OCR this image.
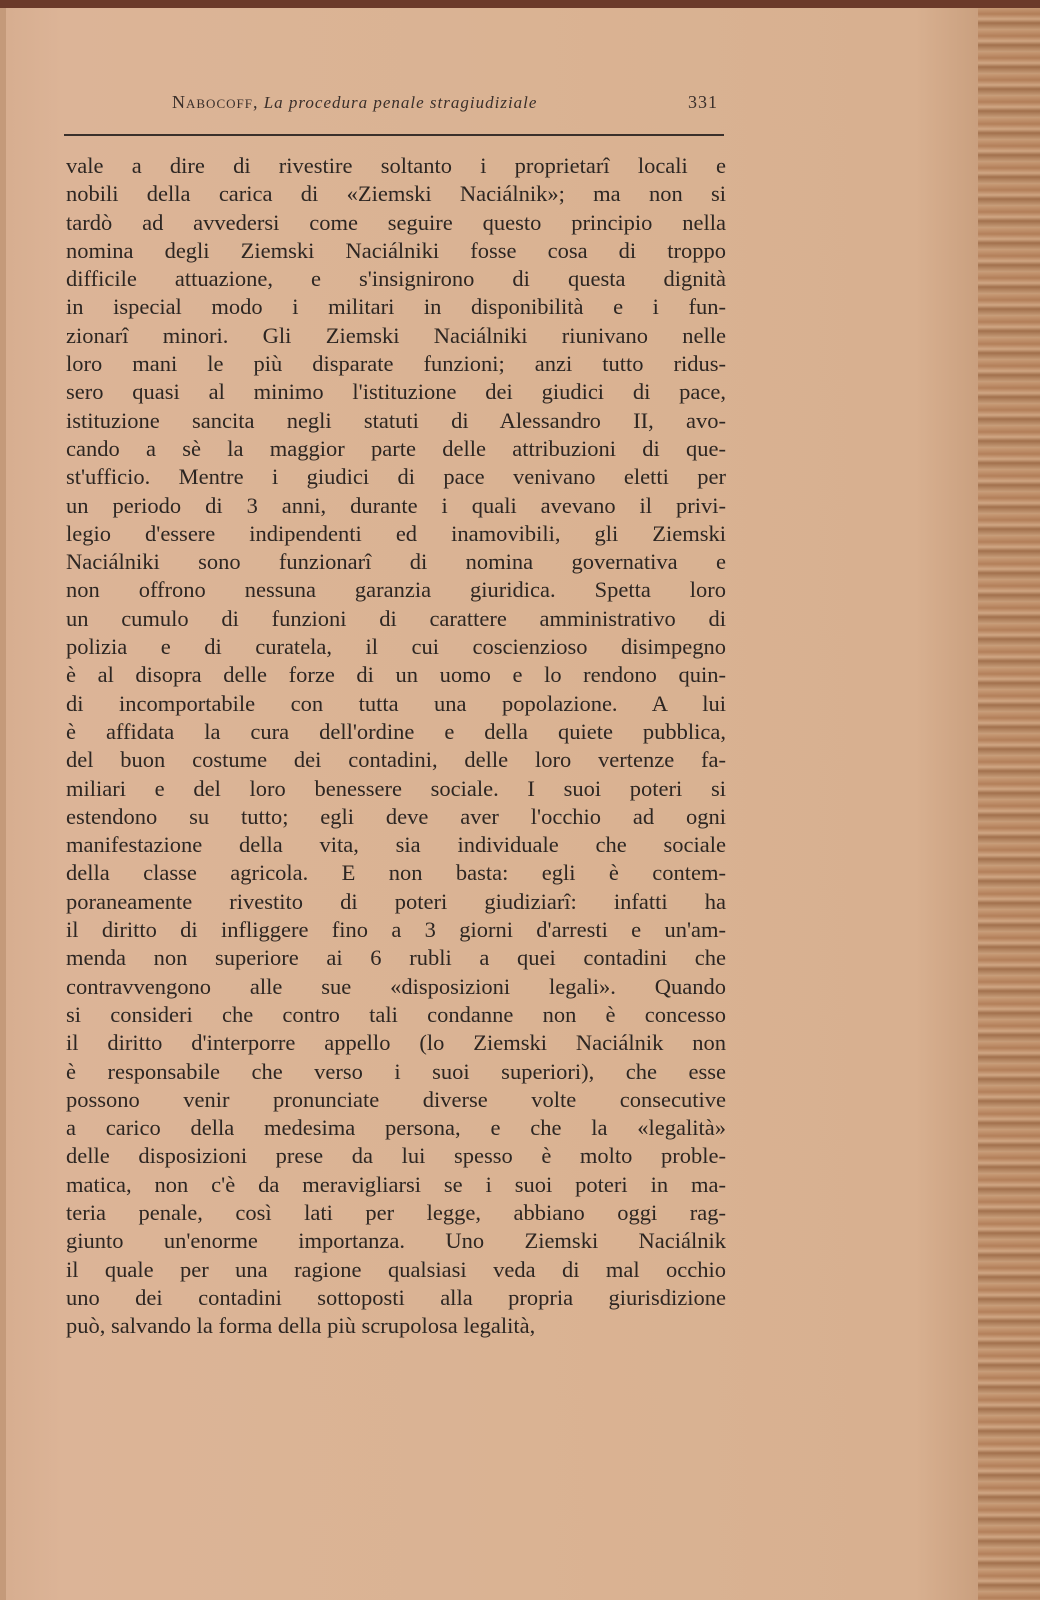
Nabocoff, La procedura penale stragiudiziale	331
vale a dire di rivestire soltanto i proprietarî locali e
nobili della carica di «Ziemski Naciálnik»; ma non si
tardò ad avvedersi come seguire questo principio nella
nomina degli Ziemski Naciálniki fosse cosa di troppo
difficile attuazione, e s'insignirono di questa dignità
in ispecial modo i militari in disponibilità e i fun-
zionarî minori. Gli Ziemski Naciálniki riunivano nelle
loro mani le più disparate funzioni; anzi tutto ridus-
sero quasi al minimo l'istituzione dei giudici di pace,
istituzione sancita negli statuti di Alessandro II, avo-
cando a sè la maggior parte delle attribuzioni di que-
st'ufficio. Mentre i giudici di pace venivano eletti per
un periodo di 3 anni, durante i quali avevano il privi-
legio d'essere indipendenti ed inamovibili, gli Ziemski
Naciálniki sono funzionarî di nomina governativa e
non offrono nessuna garanzia giuridica. Spetta loro
un cumulo di funzioni di carattere amministrativo di
polizia e di curatela, il cui coscienzioso disimpegno
è al disopra delle forze di un uomo e lo rendono quin-
di incomportabile con tutta una popolazione. A lui
è affidata la cura dell'ordine e della quiete pubblica,
del buon costume dei contadini, delle loro vertenze fa-
miliari e del loro benessere sociale. I suoi poteri si
estendono su tutto; egli deve aver l'occhio ad ogni
manifestazione della vita, sia individuale che sociale
della classe agricola. E non basta: egli è contem-
poraneamente rivestito di poteri giudiziarî: infatti ha
il diritto di infliggere fino a 3 giorni d'arresti e un'am-
menda non superiore ai 6 rubli a quei contadini che
contravvengono alle sue «disposizioni legali». Quando
si consideri che contro tali condanne non è concesso
il diritto d'interporre appello (lo Ziemski Naciálnik non
è responsabile che verso i suoi superiori), che esse
possono venir pronunciate diverse volte consecutive
a carico della medesima persona, e che la «legalità»
delle disposizioni prese da lui spesso è molto proble-
matica, non c'è da meravigliarsi se i suoi poteri in ma-
teria penale, così lati per legge, abbiano oggi rag-
giunto un'enorme importanza. Uno Ziemski Naciálnik
il quale per una ragione qualsiasi veda di mal occhio
uno dei contadini sottoposti alla propria giurisdizione
può, salvando la forma della più scrupolosa legalità,
